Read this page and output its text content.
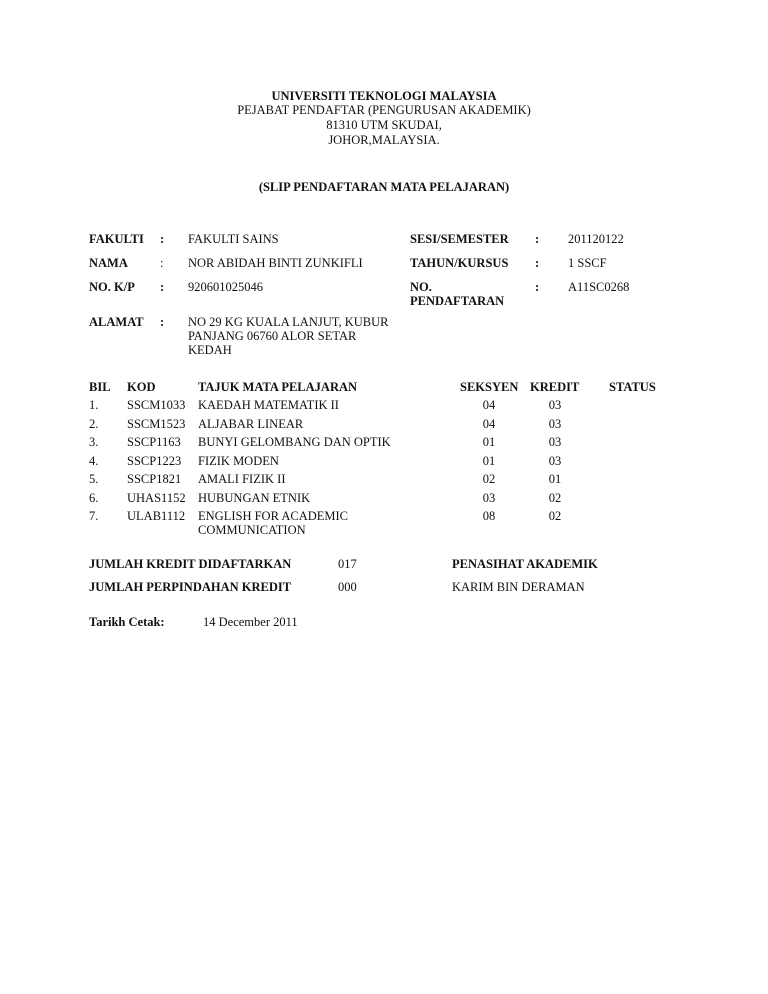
UNIVERSITI TEKNOLOGI MALAYSIA
PEJABAT PENDAFTAR (PENGURUSAN AKADEMIK)
81310 UTM SKUDAI,
JOHOR,MALAYSIA.
(SLIP PENDAFTARAN MATA PELAJARAN)
FAKULTI : FAKULTI SAINS
NAMA	: NOR ABIDAH BINTI ZUNKIFLI
NO. K/P : 920601025046
ALAMAT : NO 29 KG KUALA LANJUT, KUBUR
PANJANG 06760 ALOR SETAR
KEDAH
SESI/SEMESTER : 201120122
TAHUN/KURSUS : 1 SSCF
NO.
PENDAFTARAN
: A11SC0268
BIL KOD	TAJUK MATA PELAJARAN	SEKSYEN KREDIT STATUS
1. SSCM1033 KAEDAH MATEMATIK II	04	03
2. SSCM1523 ALJABAR LINEAR	04	03
3. SSCP1163 BUNYI GELOMBANG DAN OPTIK	01	03
4. SSCP1223 FIZIK MODEN	01	03
5. SSCP1821 AMALI FIZIK II	02	01
6. UHAS1152 HUBUNGAN ETNIK	03	02
7. ULAB1112 ENGLISH FOR ACADEMIC	08	02
COMMUNICATION
JUMLAH KREDIT DIDAFTARKAN	017	PENASIHAT AKADEMIK
JUMLAH PERPINDAHAN KREDIT	000	KARIM BIN DERAMAN
Tarikh Cetak:	14 December 2011
